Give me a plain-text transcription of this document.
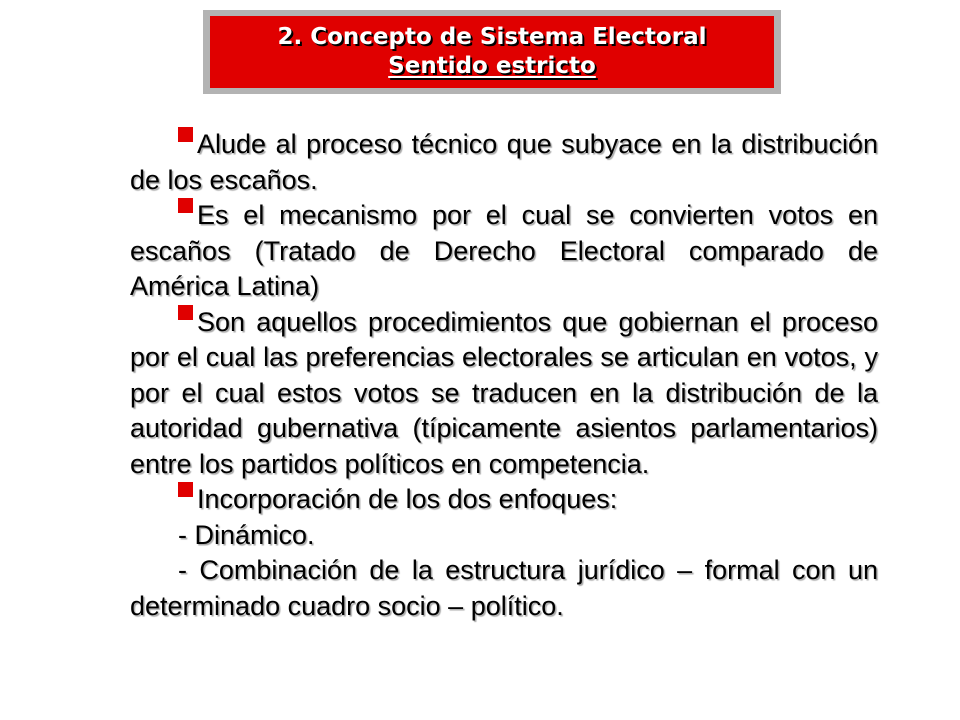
2. Concepto de Sistema Electoral
Sentido estricto

Alude al proceso técnico que subyace en la distribución de los escaños.

Es el mecanismo por el cual se convierten votos en escaños (Tratado de Derecho Electoral comparado de América Latina)

Son aquellos procedimientos que gobiernan el proceso por el cual las preferencias electorales se articulan en votos, y por el cual estos votos se traducen en la distribución de la autoridad gubernativa (típicamente asientos parlamentarios) entre los partidos políticos en competencia.

Incorporación de los dos enfoques:

- Dinámico.

- Combinación de la estructura jurídico – formal con un determinado cuadro socio – político.
